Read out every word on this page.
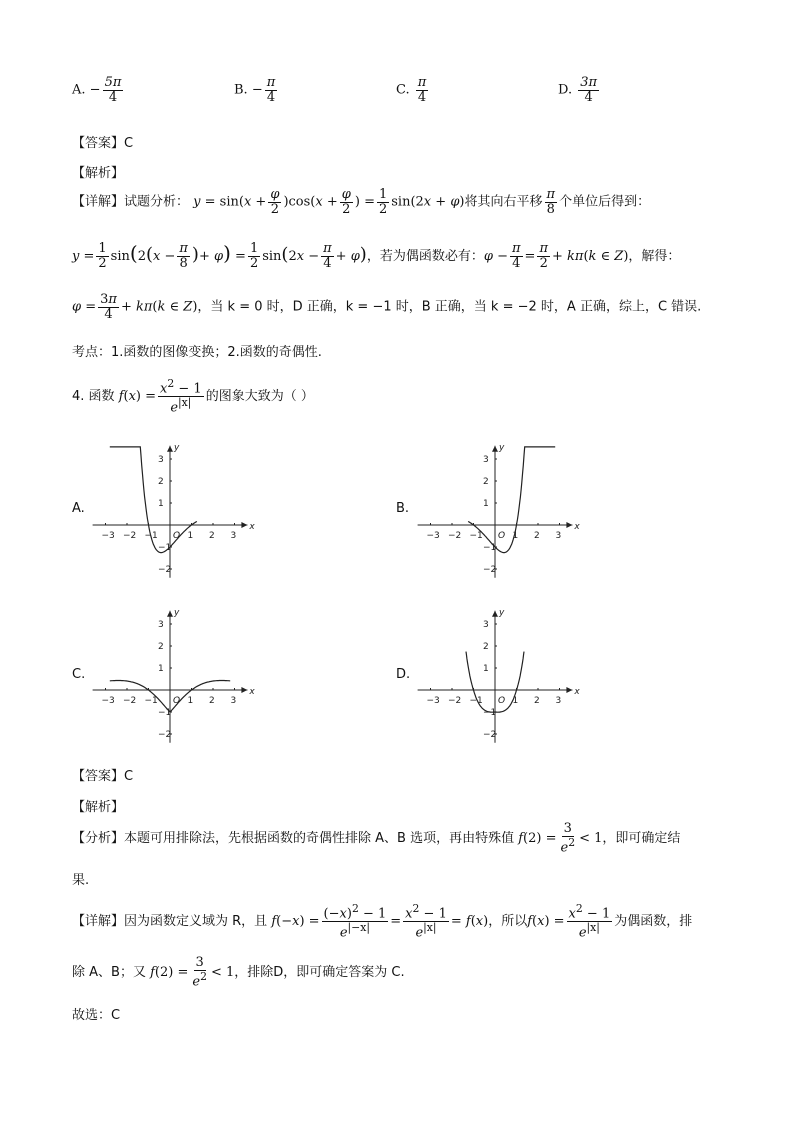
A. − $\frac{5\pi}{4}$	B. − $\frac{\pi}{4}$	C. $\frac{\pi}{4}$	D. $\frac{3\pi}{4}$
【答案】C
【解析】
【详解】试题分析： $y = \sin(x + \frac{\varphi}{2} )\cos(x + \frac{\varphi}{2}$ ) = $\frac{1}{2} \sin(2x + \varphi)$将其向右平移 $\frac{\pi}{8}$ 个单位后得到：
$y = \frac{1}{2} \sin(2(x - \frac{\pi}{8}$ )+ $\varphi) = \frac{1}{2} \sin(2x - \frac{\pi}{4} + \varphi)$，若为偶函数必有：$\varphi - \frac{\pi}{4} = \frac{\pi}{2} + k\pi(k$ ∈ Z)，解得：
$\varphi = \frac{3\pi}{4} + k\pi(k$ ∈ Z)，当 k = 0 时，D 正确，k = −1 时，B 正确，当 k = −2 时，A 正确，综上，C 错误.
考点：1.函数的图像变换；2.函数的奇偶性.
4. 函数 $f(x) = \frac{x^2 - 1}{e^{|x|}}$ 的图象大致为（ ）
A.	B.
C.	D.
−3 −2 −1 O 1 2 3
x
3
2
1
−1
−2
y
−3 −2 −1 O 1 2 3
x
3
2
1
−1
−2
y
−3 −2 −1 O 1 2 3
x
3
2
1
−1
−2
y
−3 −2 −1 O 1 2 3
x
3
2
1
−1
−2
y
【答案】C
【解析】
【分析】本题可用排除法，先根据函数的奇偶性排除 A、B 选项，再由特殊值 $f(2) = \frac{3}{e^2} < 1$，即可确定结
果.
【详解】因为函数定义域为 R，且 $f(-x) = \frac{(-x)^2 - 1}{e^{|-x|}} = \frac{x^2 - 1}{e^{|x|}} = f(x)$，所以$f(x) = \frac{x^2 - 1}{e^{|x|}}$ 为偶函数，排
除 A、B；又 $f(2) = \frac{3}{e^2} < 1$，排除D，即可确定答案为 C.
故选：C
